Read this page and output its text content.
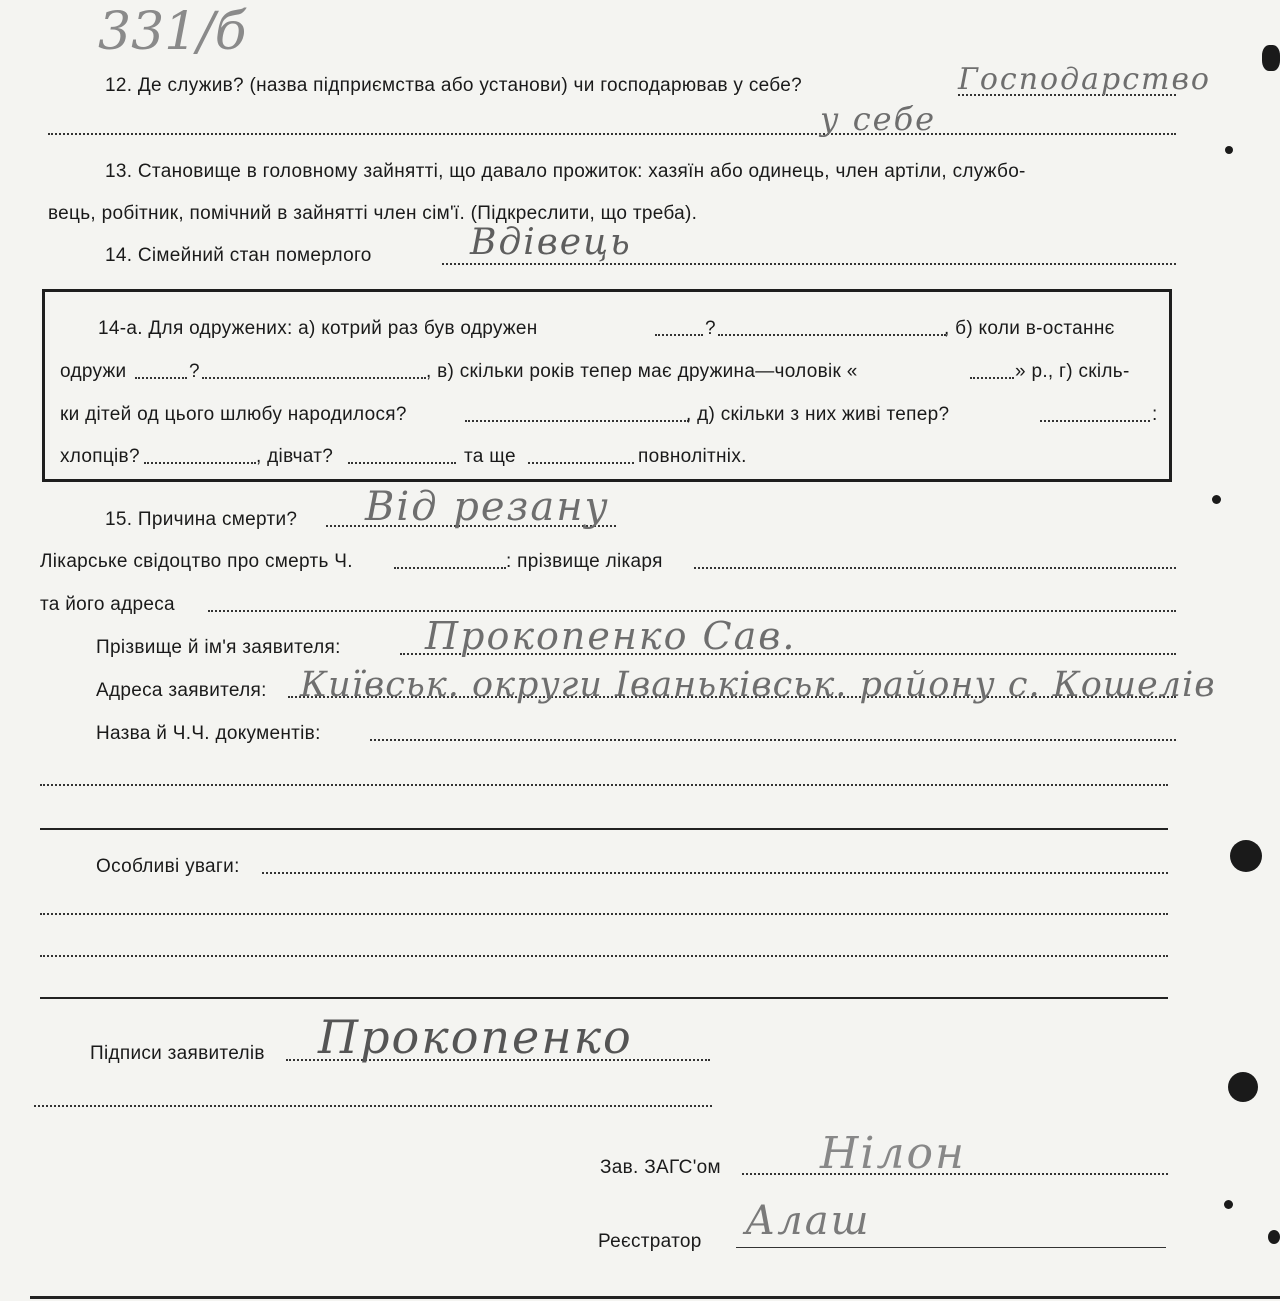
331/б
12. Де служив? (назва підприємства або установи) чи господарював у себе?	Господарство
у себе
13. Становище в головному зайнятті, що давало прожиток: хазяїн або одинець, член артіли, службо-
вець, робітник, помічний в зайнятті член сім'ї. (Підкреслити, що треба).
14. Сімейний стан померлого	Вдівець
14-а. Для одружених: а) котрий раз був одружен	?	, б) коли в-останнє
одружи	?	, в) скільки років тепер має дружина—чоловік «	» р., г) скіль-
ки дітей од цього шлюбу народилося?	, д) скільки з них живі тепер?	:
хлопців?	, дівчат?	та ще	повнолітніх.
15. Причина смерти? Від резану
Лікарське свідоцтво про смерть Ч.	: прізвище лікаря
та його адреса
Прізвище й ім'я заявителя: Прокопенко Сав.
Адреса заявителя: Київськ. округи Іваньківськ. району с. Кошелів
Назва й Ч.Ч. документів:
Особливі уваги:
Підписи заявителів Прокопенко
Зав. ЗАГС'ом Нілон
Реєстратор Алаш
